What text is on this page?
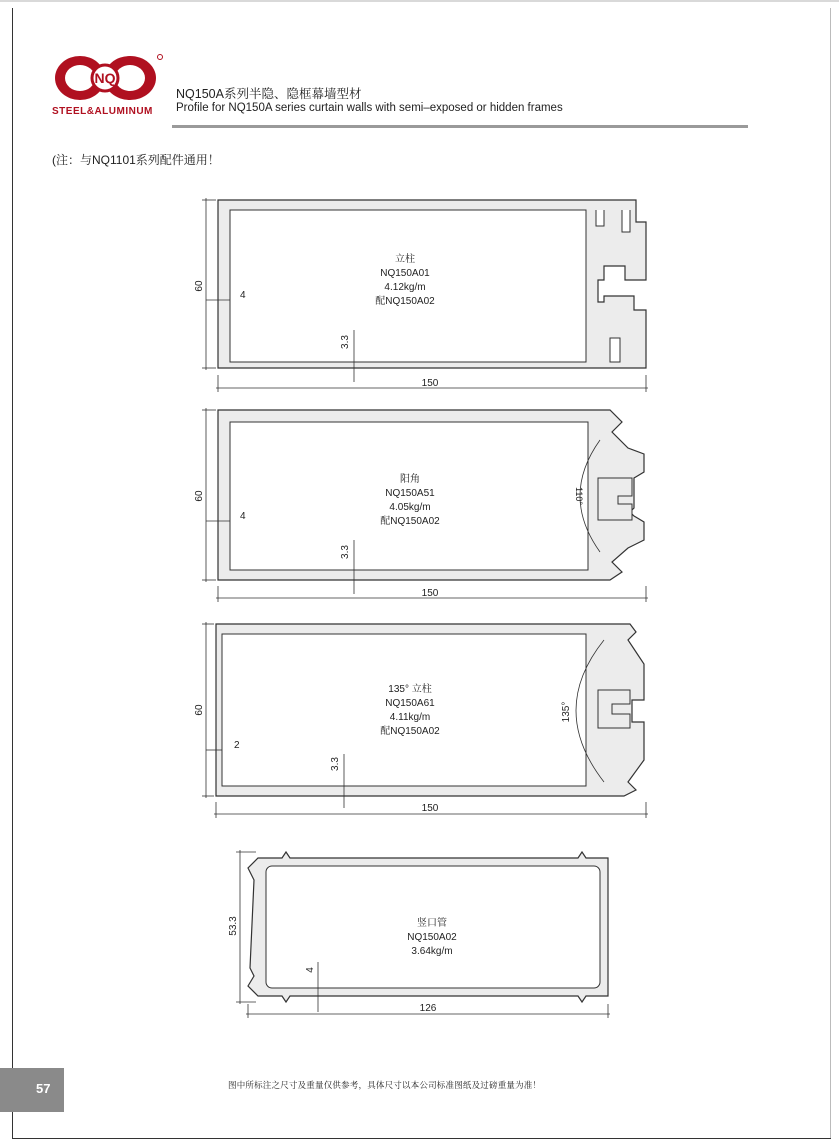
NQ
STEEL&ALUMINUM
NQ150A系列半隐、隐框幕墙型材
Profile for NQ150A series curtain walls with semi–exposed or hidden frames
(注：与NQ1101系列配件通用！
60
4
3.3
150
立柱
NQ150A01
4.12kg/m
配NQ150A02
60
4
3.3
110°
150
阳角
NQ150A51
4.05kg/m
配NQ150A02
60
2
3.3
135°
150
135° 立柱
NQ150A61
4.11kg/m
配NQ150A02
53.3
4
126
竖口管
NQ150A02
3.64kg/m
57	图中所标注之尺寸及重量仅供参考，具体尺寸以本公司标准图纸及过磅重量为准！
